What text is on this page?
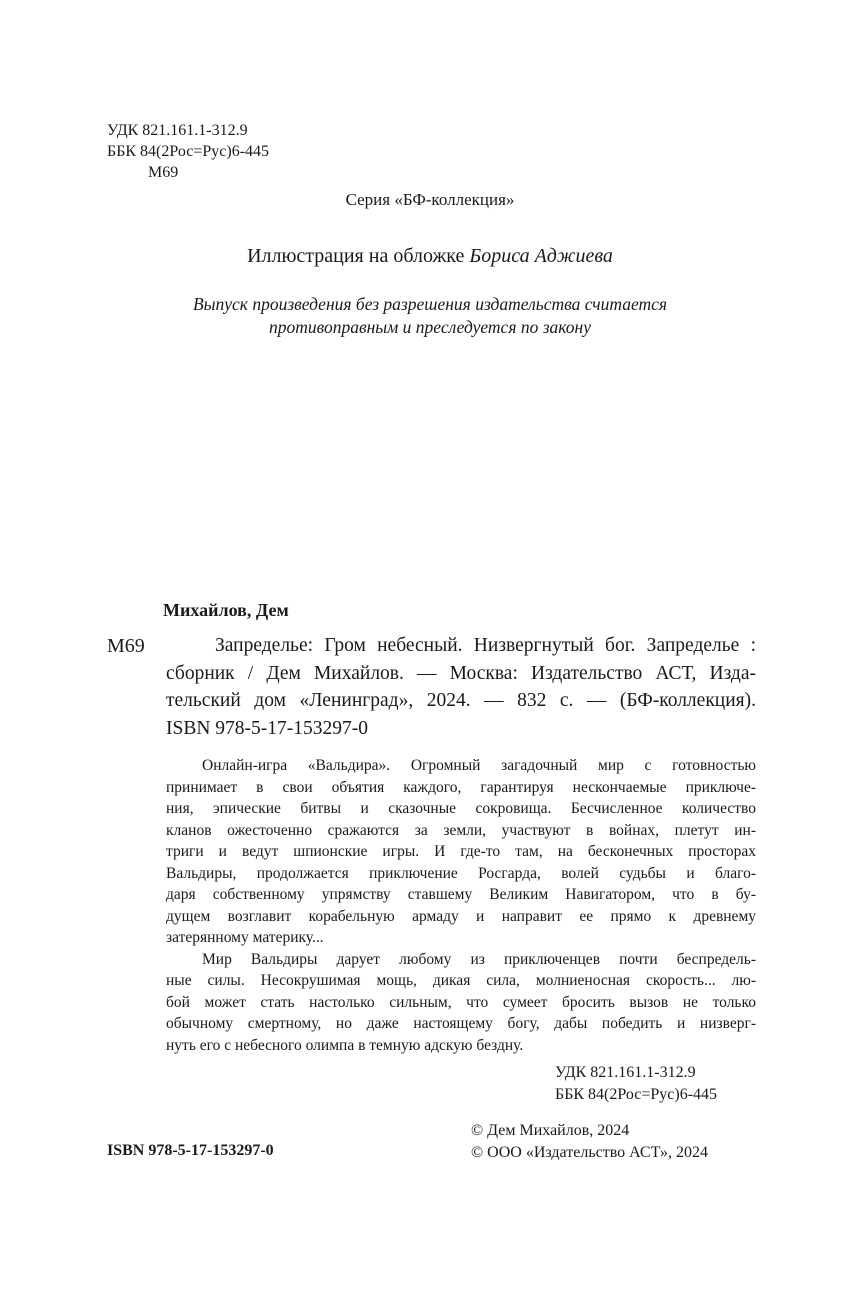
УДК 821.161.1-312.9
ББК 84(2Рос=Рус)6-445
М69
Серия «БФ-коллекция»
Иллюстрация на обложке Бориса Аджиева
Выпуск произведения без разрешения издательства считается
противоправным и преследуется по закону
Михайлов, Дем
М69	Запределье: Гром небесный. Низвергнутый бог. Запределье :
сборник / Дем Михайлов. — Москва: Издательство АСТ, Изда-
тельский дом «Ленинград», 2024. — 832 с. — (БФ-коллекция).
ISBN 978-5-17-153297-0
Онлайн-игра «Вальдира». Огромный загадочный мир с готовностью
принимает в свои объятия каждого, гарантируя нескончаемые приключе-
ния, эпические битвы и сказочные сокровища. Бесчисленное количество
кланов ожесточенно сражаются за земли, участвуют в войнах, плетут ин-
триги и ведут шпионские игры. И где-то там, на бесконечных просторах
Вальдиры, продолжается приключение Росгарда, волей судьбы и благо-
даря собственному упрямству ставшему Великим Навигатором, что в бу-
дущем возглавит корабельную армаду и направит ее прямо к древнему
затерянному материку...
Мир Вальдиры дарует любому из приключенцев почти беспредель-
ные силы. Несокрушимая мощь, дикая сила, молниеносная скорость... лю-
бой может стать настолько сильным, что сумеет бросить вызов не только
обычному смертному, но даже настоящему богу, дабы победить и низверг-
нуть его с небесного олимпа в темную адскую бездну.
УДК 821.161.1-312.9
ББК 84(2Рос=Рус)6-445
© Дем Михайлов, 2024
© ООО «Издательство АСТ», 2024
ISBN 978-5-17-153297-0
